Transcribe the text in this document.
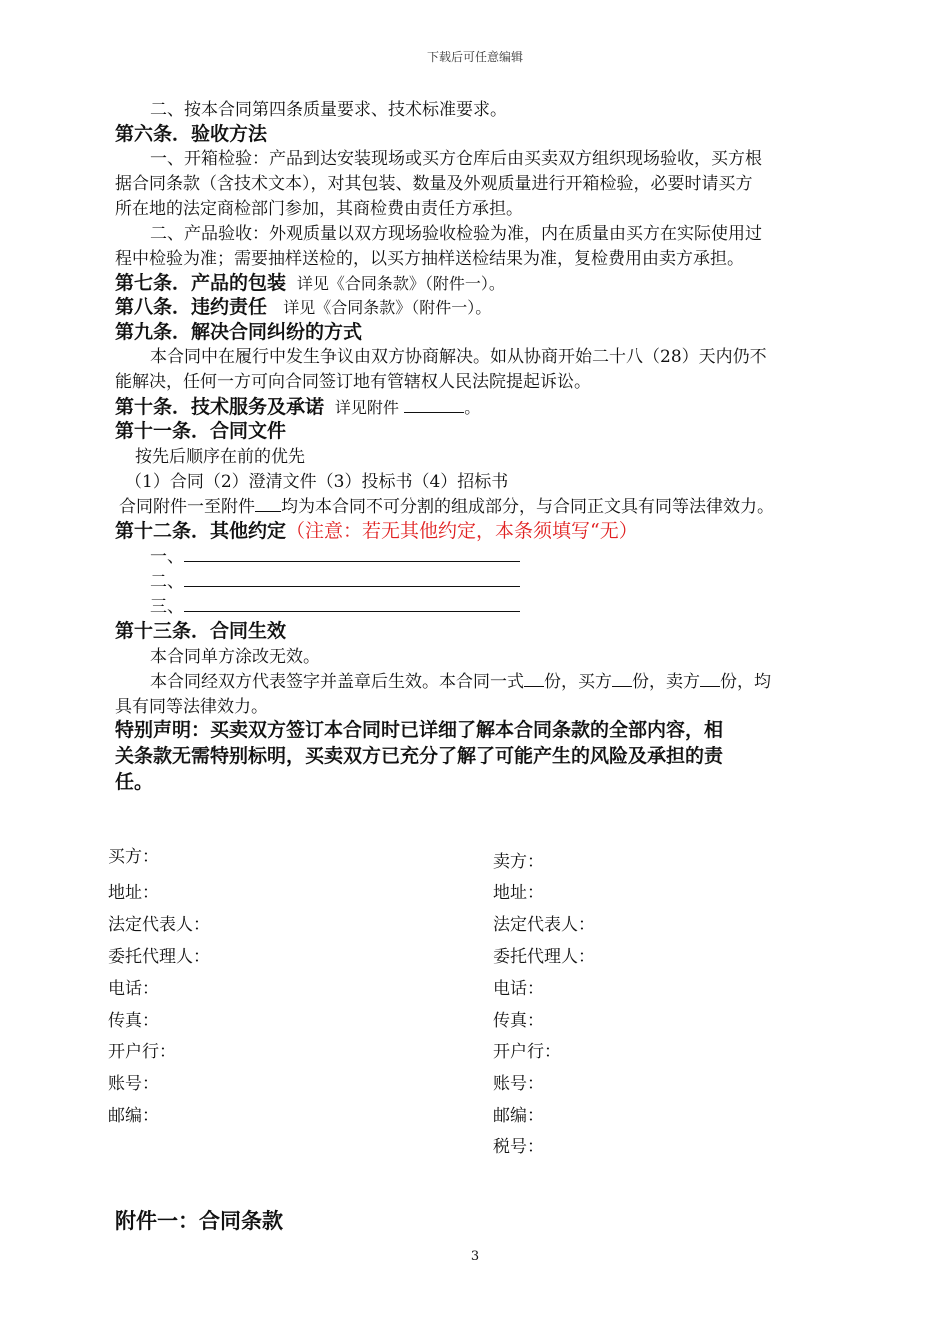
下载后可任意编辑

二、按本合同第四条质量要求、技术标准要求。

第六条．验收方法

一、开箱检验：产品到达安装现场或买方仓库后由买卖双方组织现场验收，买方根

据合同条款（含技术文本），对其包装、数量及外观质量进行开箱检验，必要时请买方

所在地的法定商检部门参加，其商检费由责任方承担。

二、产品验收：外观质量以双方现场验收检验为准，内在质量由买方在实际使用过

程中检验为准；需要抽样送检的，以买方抽样送检结果为准，复检费用由卖方承担。

第七条．产品的包装 详见《合同条款》（附件一）。

第八条．违约责任 详见《合同条款》（附件一）。

第九条．解决合同纠纷的方式

本合同中在履行中发生争议由双方协商解决。如从协商开始二十八（28）天内仍不

能解决，任何一方可向合同签订地有管辖权人民法院提起诉讼。

第十条．技术服务及承诺 详见附件	。

第十一条．合同文件

按先后顺序在前的优先

（1）合同（2）澄清文件（3）投标书（4）招标书

合同附件一至附件 均为本合同不可分割的组成部分，与合同正文具有同等法律效力。

第十二条．其他约定（注意：若无其他约定，本条须填写“无）

一、

二、

三、

第十三条．合同生效

本合同单方涂改无效。

本合同经双方代表签字并盖章后生效。本合同一式 份，买方 份，卖方 份，均

具有同等法律效力。

特别声明：买卖双方签订本合同时已详细了解本合同条款的全部内容，相

关条款无需特别标明，买卖双方已充分了解了可能产生的风险及承担的责

任。

买方：

地址：

法定代表人：

委托代理人：

电话：

传真：

开户行：

账号：

邮编：

卖方：

地址：

法定代表人：

委托代理人：

电话：

传真：

开户行：

账号：

邮编：

税号：

附件一：合同条款

3
